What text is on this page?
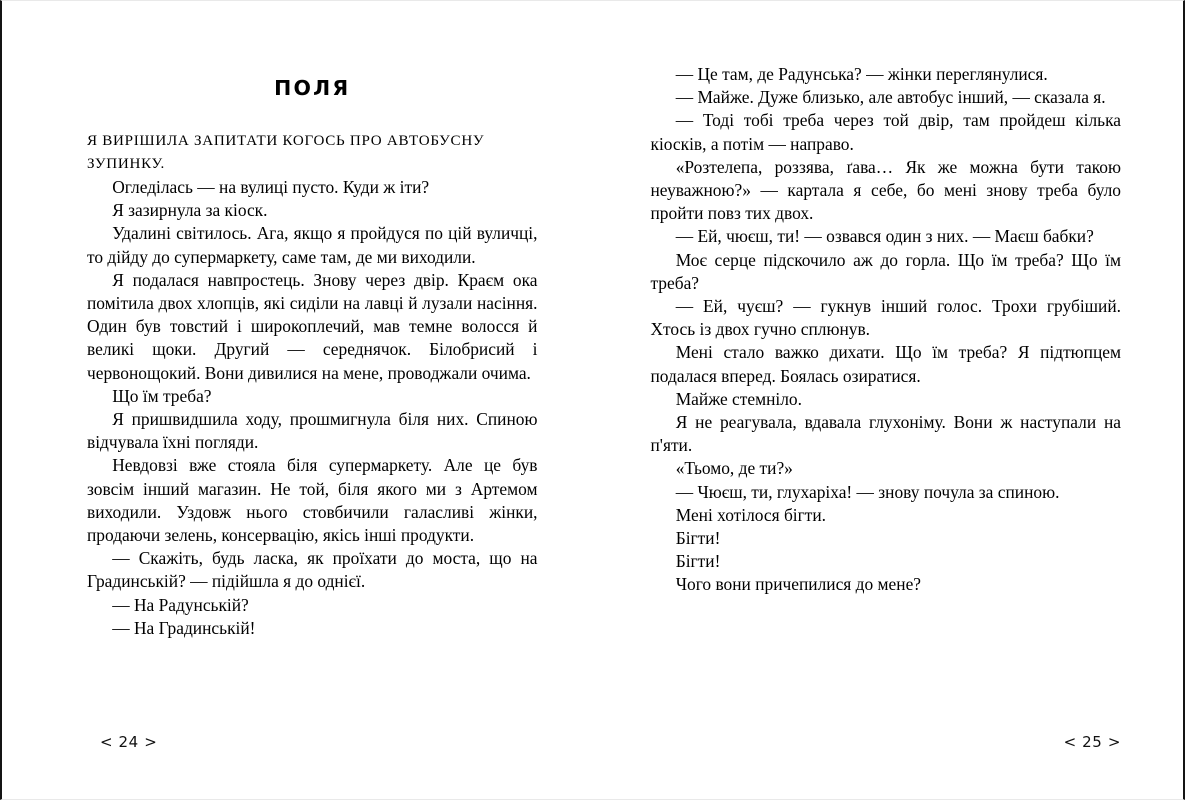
ПОЛЯ

Я ВИРІШИЛА ЗАПИТАТИ КОГОСЬ ПРО АВТОБУСНУ ЗУПИНКУ.

Огледілась — на вулиці пусто. Куди ж іти?

Я зазирнула за кіоск.

Удалині світилось. Ага, якщо я пройдуся по цій вуличці, то дійду до супермаркету, саме там, де ми виходили.

Я подалася навпростець. Знову через двір. Краєм ока помітила двох хлопців, які сиділи на лавці й лузали насіння. Один був товстий і широкоплечий, мав темне волосся й великі щоки. Другий — середнячок. Білобрисий і червонощокий. Вони дивилися на мене, проводжали очима.

Що їм треба?

Я пришвидшила ходу, прошмигнула біля них. Спиною відчувала їхні погляди.

Невдовзі вже стояла біля супермаркету. Але це був зовсім інший магазин. Не той, біля якого ми з Артемом виходили. Уздовж нього стовбичили галасливі жінки, продаючи зелень, консервацію, якісь інші продукти.

— Скажіть, будь ласка, як проїхати до моста, що на Градинській? — підійшла я до однієї.

— На Радунській?

— На Градинській!

< 24 >

— Це там, де Радунська? — жінки переглянулися.

— Майже. Дуже близько, але автобус інший, — сказала я.

— Тоді тобі треба через той двір, там пройдеш кілька кіосків, а потім — направо.

«Розтелепа, роззява, ґава… Як же можна бути такою неуважною?» — картала я себе, бо мені знову треба було пройти повз тих двох.

— Ей, чюєш, ти! — озвався один з них. — Маєш бабки?

Моє серце підскочило аж до горла. Що їм треба? Що їм треба?

— Ей, чуєш? — гукнув інший голос. Трохи грубіший. Хтось із двох гучно сплюнув.

Мені стало важко дихати. Що їм треба? Я підтюпцем подалася вперед. Боялась озиратися.

Майже стемніло.

Я не реагувала, вдавала глухоніму. Вони ж наступали на п'яти.

«Тьомо, де ти?»

— Чюєш, ти, глухаріха! — знову почула за спиною.

Мені хотілося бігти.

Бігти!

Бігти!

Чого вони причепилися до мене?

< 25 >
